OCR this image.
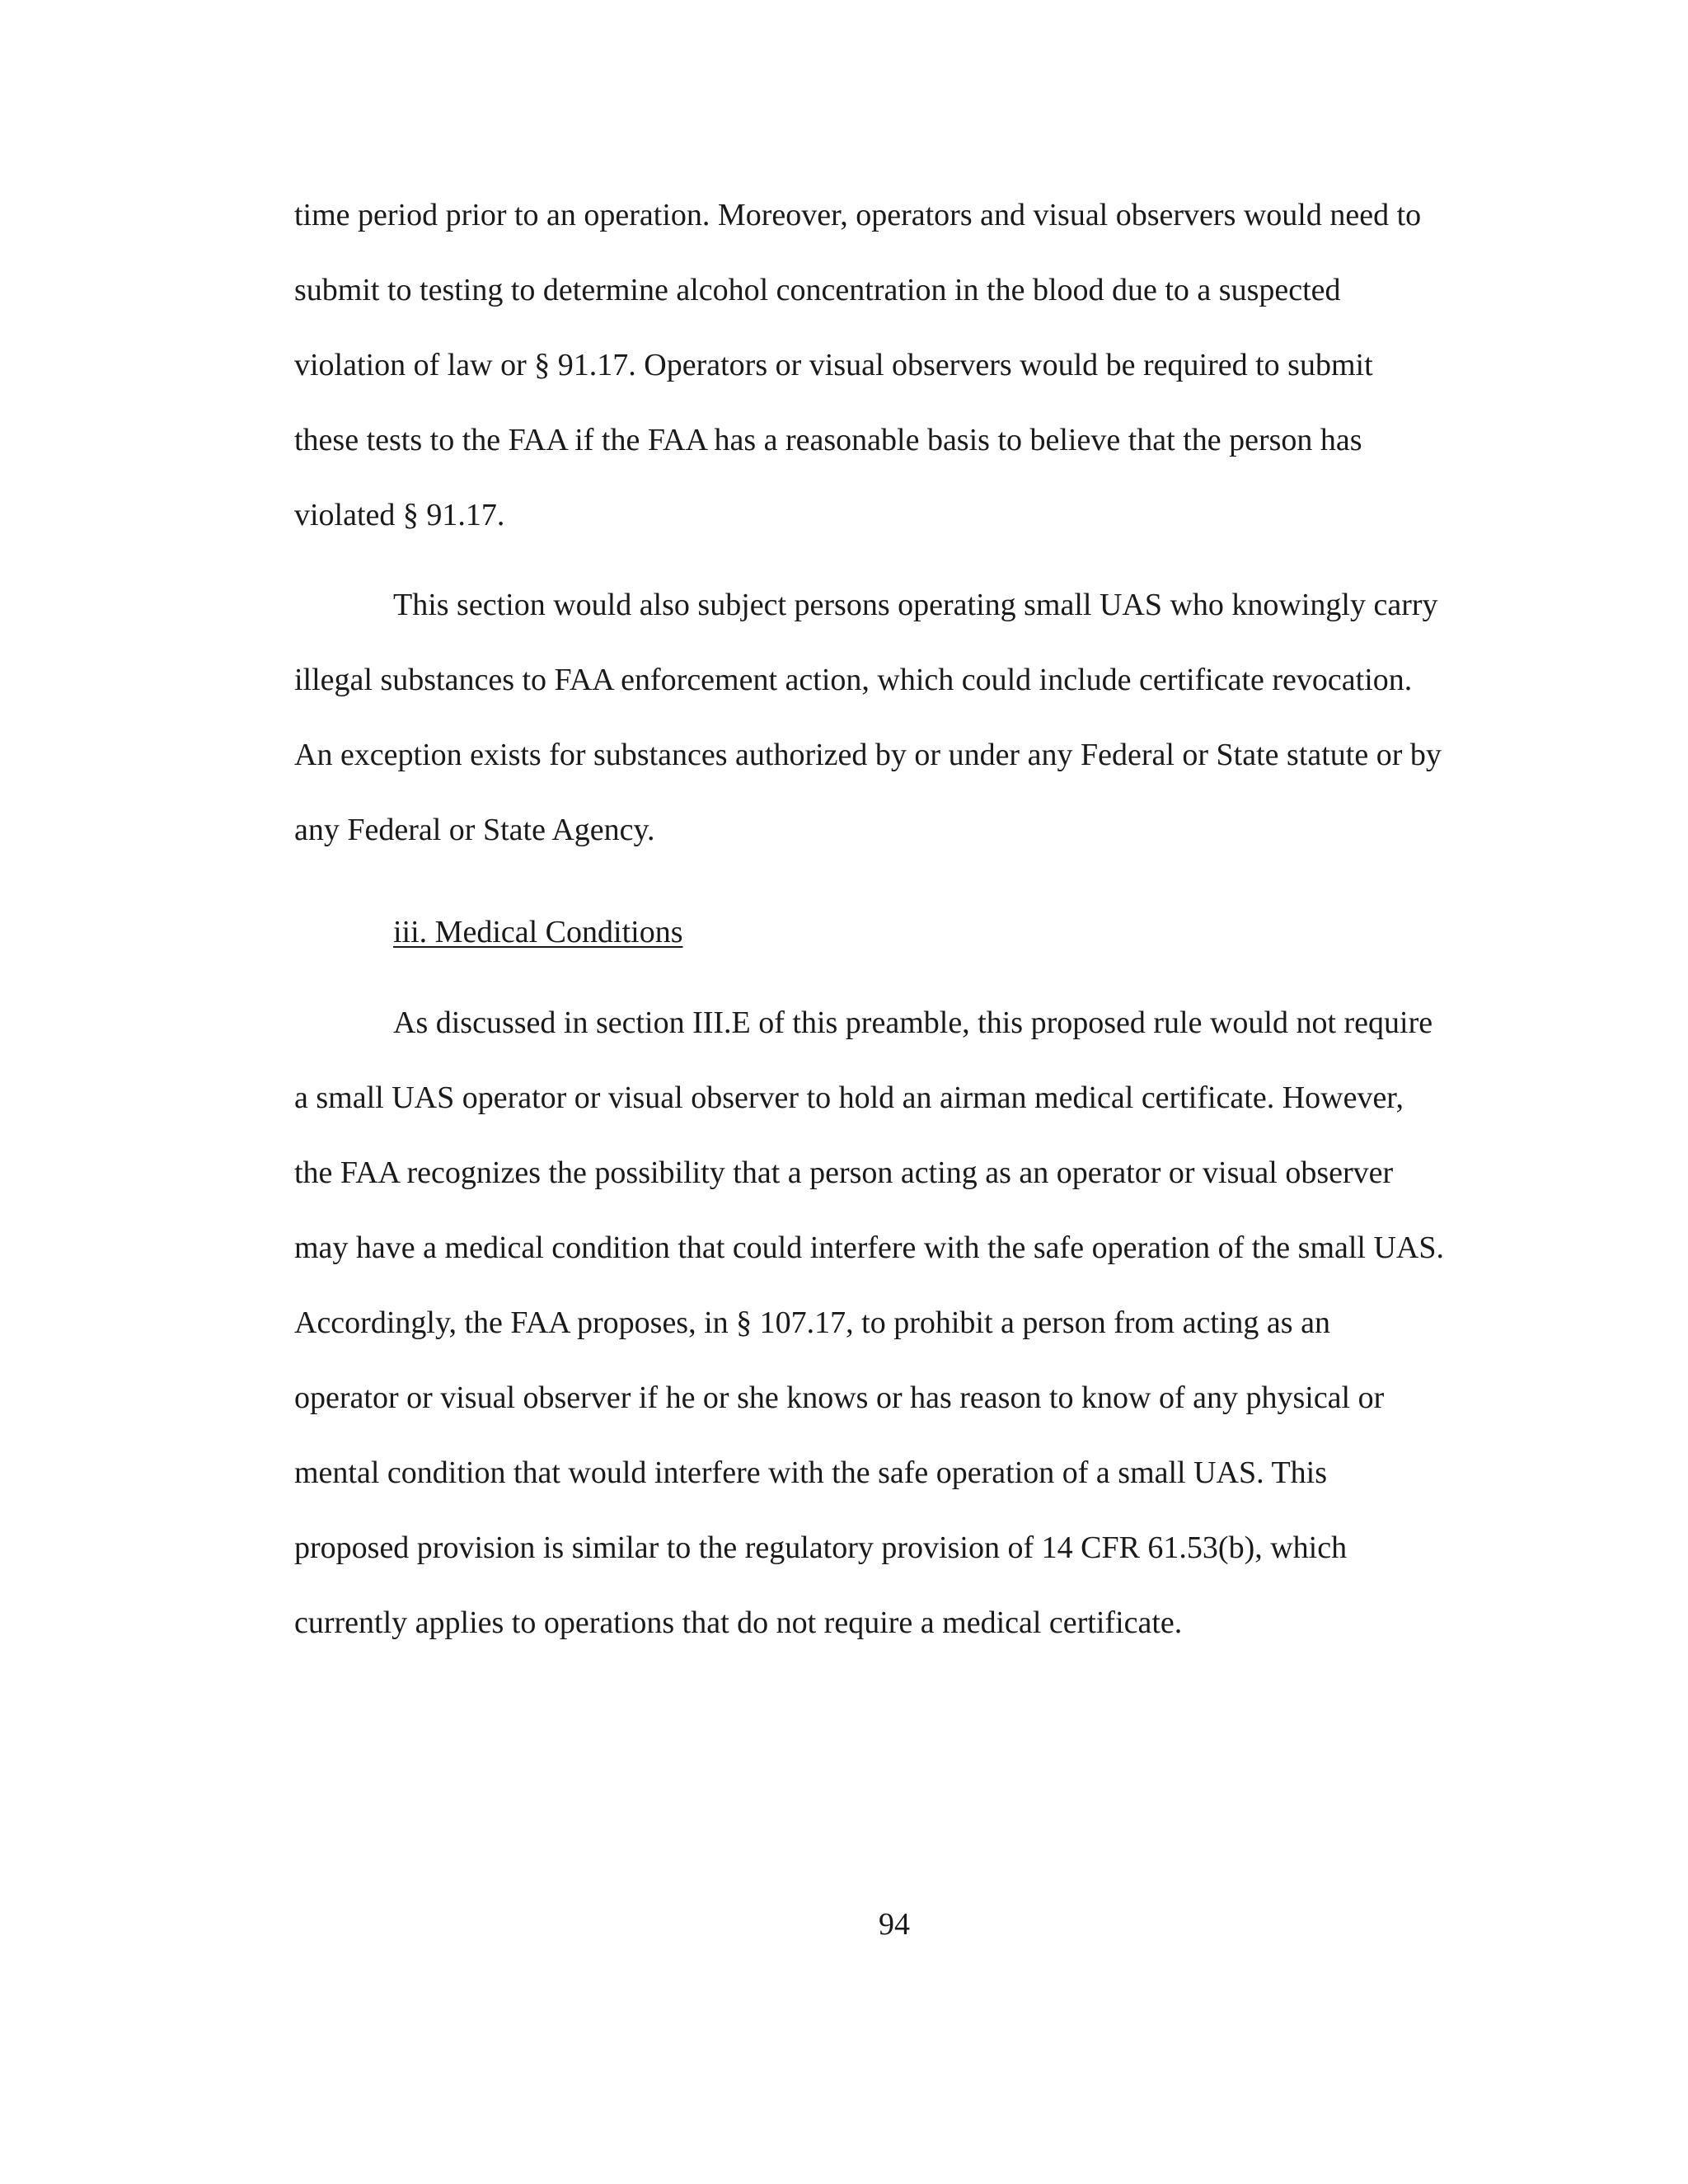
time period prior to an operation. Moreover, operators and visual observers would need to

submit to testing to determine alcohol concentration in the blood due to a suspected

violation of law or § 91.17. Operators or visual observers would be required to submit

these tests to the FAA if the FAA has a reasonable basis to believe that the person has

violated § 91.17.

This section would also subject persons operating small UAS who knowingly carry

illegal substances to FAA enforcement action, which could include certificate revocation.

An exception exists for substances authorized by or under any Federal or State statute or by

any Federal or State Agency.

iii. Medical Conditions

As discussed in section III.E of this preamble, this proposed rule would not require

a small UAS operator or visual observer to hold an airman medical certificate. However,

the FAA recognizes the possibility that a person acting as an operator or visual observer

may have a medical condition that could interfere with the safe operation of the small UAS.

Accordingly, the FAA proposes, in § 107.17, to prohibit a person from acting as an

operator or visual observer if he or she knows or has reason to know of any physical or

mental condition that would interfere with the safe operation of a small UAS. This

proposed provision is similar to the regulatory provision of 14 CFR 61.53(b), which

currently applies to operations that do not require a medical certificate.

94
